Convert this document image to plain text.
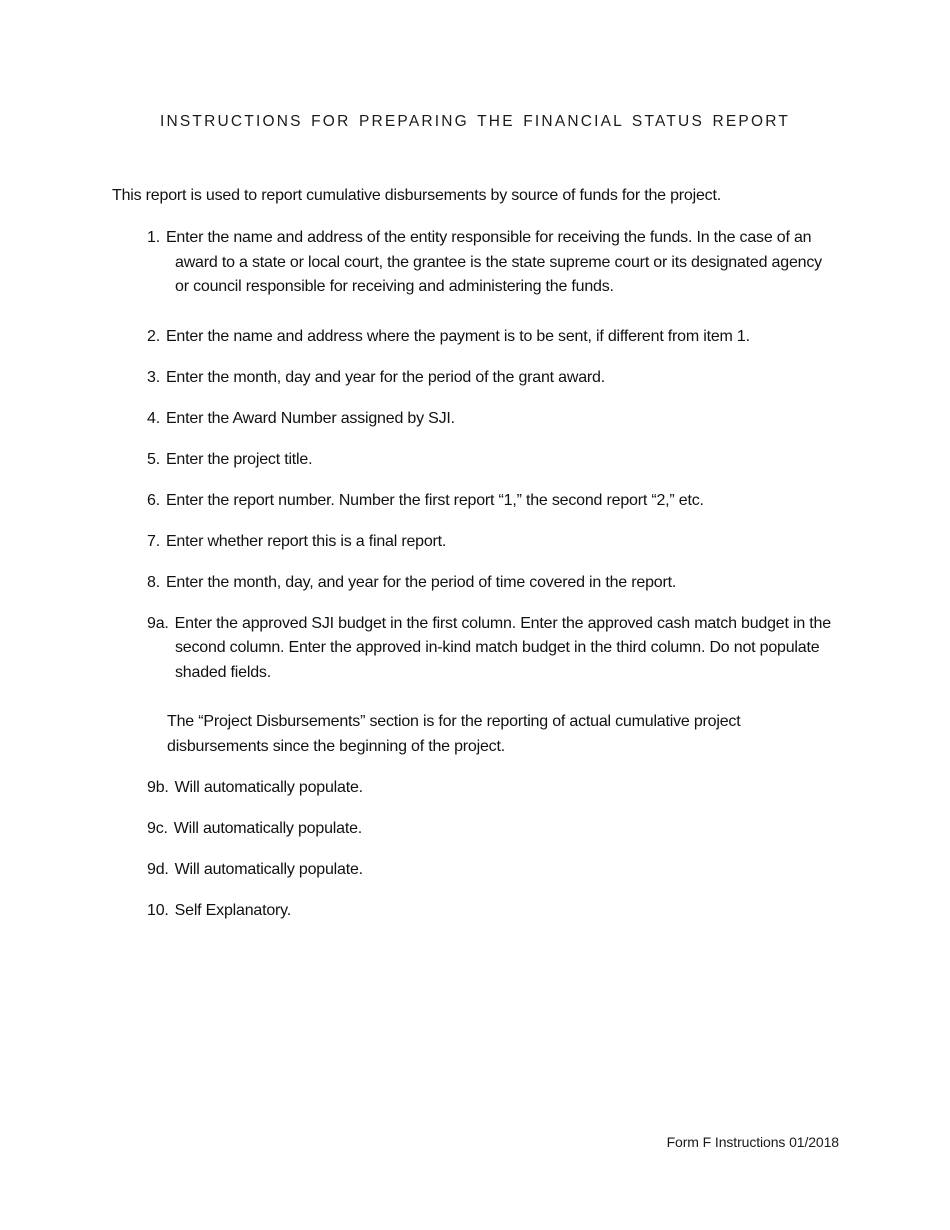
INSTRUCTIONS FOR PREPARING THE FINANCIAL STATUS REPORT
This report is used to report cumulative disbursements by source of funds for the project.
1. Enter the name and address of the entity responsible for receiving the funds. In the case of an award to a state or local court, the grantee is the state supreme court or its designated agency or council responsible for receiving and administering the funds.
2. Enter the name and address where the payment is to be sent, if different from item 1.
3. Enter the month, day and year for the period of the grant award.
4. Enter the Award Number assigned by SJI.
5. Enter the project title.
6. Enter the report number. Number the first report “1,” the second report “2,” etc.
7. Enter whether report this is a final report.
8. Enter the month, day, and year for the period of time covered in the report.
9a. Enter the approved SJI budget in the first column. Enter the approved cash match budget in the second column. Enter the approved in-kind match budget in the third column. Do not populate shaded fields.
The “Project Disbursements” section is for the reporting of actual cumulative project disbursements since the beginning of the project.
9b. Will automatically populate.
9c. Will automatically populate.
9d. Will automatically populate.
10. Self Explanatory.
Form F Instructions 01/2018
